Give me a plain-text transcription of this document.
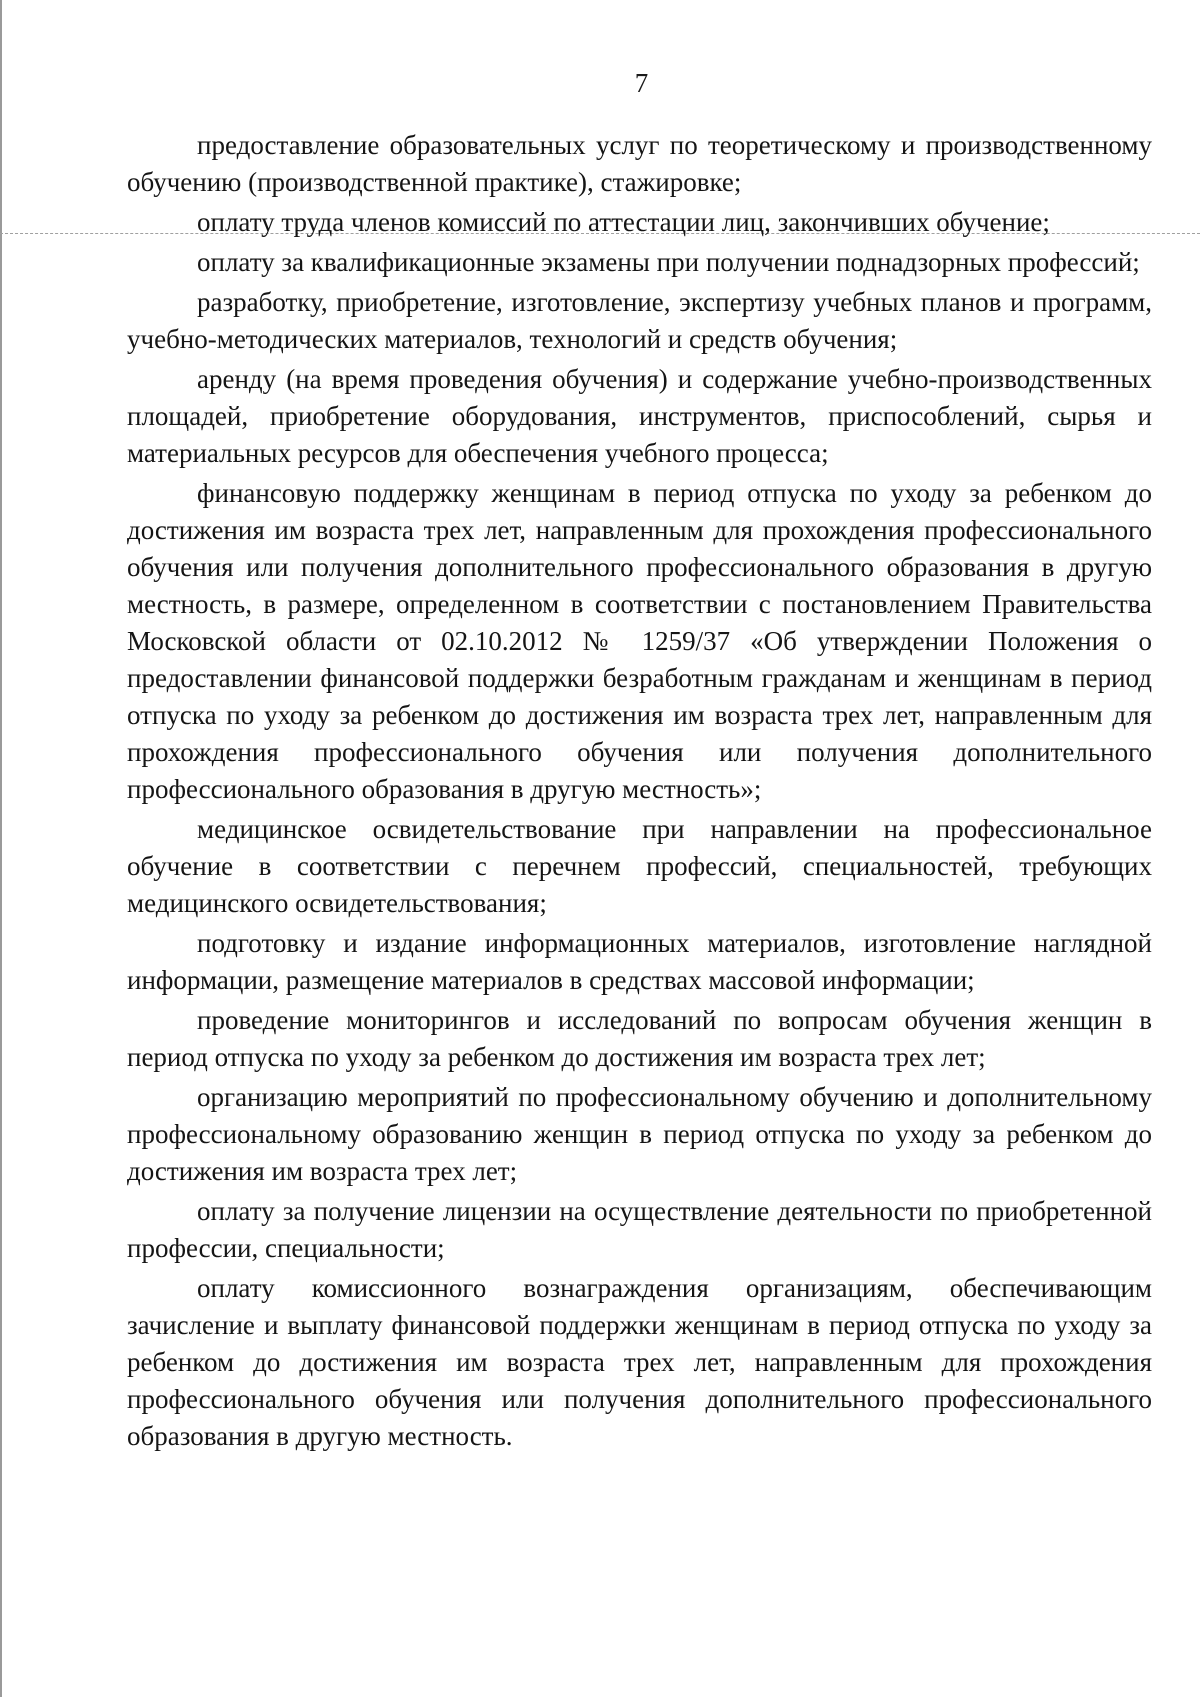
7

предоставление образовательных услуг по теоретическому и производственному обучению (производственной практике), стажировке;

оплату труда членов комиссий по аттестации лиц, закончивших обучение;

оплату за квалификационные экзамены при получении поднадзорных профессий;

разработку, приобретение, изготовление, экспертизу учебных планов и программ, учебно-методических материалов, технологий и средств обучения;

аренду (на время проведения обучения) и содержание учебно-производственных площадей, приобретение оборудования, инструментов, приспособлений, сырья и материальных ресурсов для обеспечения учебного процесса;

финансовую поддержку женщинам в период отпуска по уходу за ребенком до достижения им возраста трех лет, направленным для прохождения профессионального обучения или получения дополнительного профессионального образования в другую местность, в размере, определенном в соответствии с постановлением Правительства Московской области от 02.10.2012 № 1259/37 «Об утверждении Положения о предоставлении финансовой поддержки безработным гражданам и женщинам в период отпуска по уходу за ребенком до достижения им возраста трех лет, направленным для прохождения профессионального обучения или получения дополнительного профессионального образования в другую местность»;

медицинское освидетельствование при направлении на профессиональное обучение в соответствии с перечнем профессий, специальностей, требующих медицинского освидетельствования;

подготовку и издание информационных материалов, изготовление наглядной информации, размещение материалов в средствах массовой информации;

проведение мониторингов и исследований по вопросам обучения женщин в период отпуска по уходу за ребенком до достижения им возраста трех лет;

организацию мероприятий по профессиональному обучению и дополнительному профессиональному образованию женщин в период отпуска по уходу за ребенком до достижения им возраста трех лет;

оплату за получение лицензии на осуществление деятельности по приобретенной профессии, специальности;

оплату комиссионного вознаграждения организациям, обеспечивающим зачисление и выплату финансовой поддержки женщинам в период отпуска по уходу за ребенком до достижения им возраста трех лет, направленным для прохождения профессионального обучения или получения дополнительного профессионального образования в другую местность.
